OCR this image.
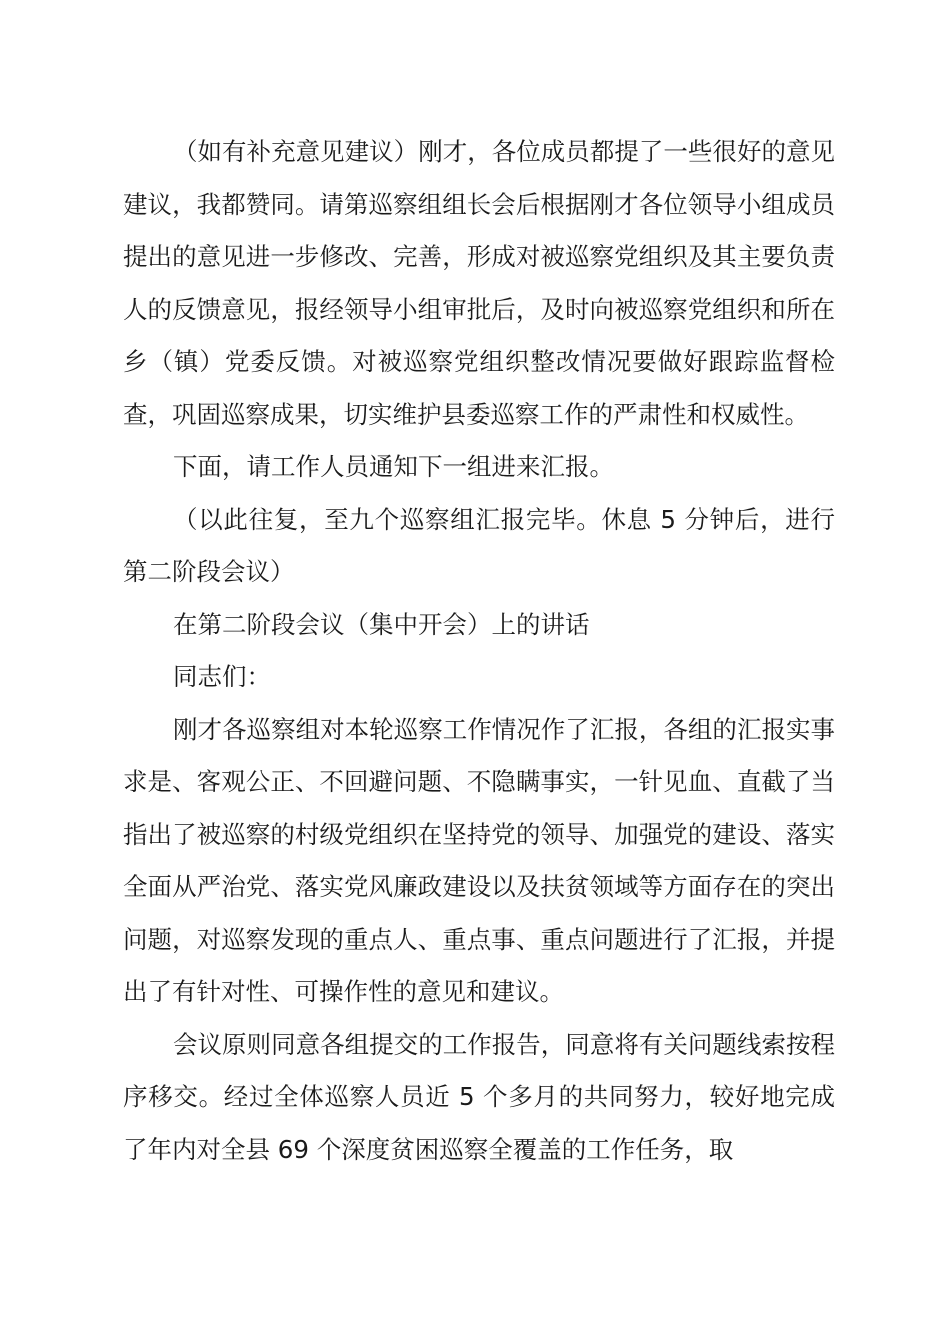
（如有补充意见建议）刚才，各位成员都提了一些很好的意见建议，我都赞同。请第巡察组组长会后根据刚才各位领导小组成员提出的意见进一步修改、完善，形成对被巡察党组织及其主要负责人的反馈意见，报经领导小组审批后，及时向被巡察党组织和所在乡（镇）党委反馈。对被巡察党组织整改情况要做好跟踪监督检查，巩固巡察成果，切实维护县委巡察工作的严肃性和权威性。

下面，请工作人员通知下一组进来汇报。

（以此往复，至九个巡察组汇报完毕。休息 5 分钟后，进行第二阶段会议）

在第二阶段会议（集中开会）上的讲话

同志们：

刚才各巡察组对本轮巡察工作情况作了汇报，各组的汇报实事求是、客观公正、不回避问题、不隐瞒事实，一针见血、直截了当指出了被巡察的村级党组织在坚持党的领导、加强党的建设、落实全面从严治党、落实党风廉政建设以及扶贫领域等方面存在的突出问题，对巡察发现的重点人、重点事、重点问题进行了汇报，并提出了有针对性、可操作性的意见和建议。

会议原则同意各组提交的工作报告，同意将有关问题线索按程序移交。经过全体巡察人员近 5 个多月的共同努力，较好地完成了年内对全县 69 个深度贫困巡察全覆盖的工作任务，取
